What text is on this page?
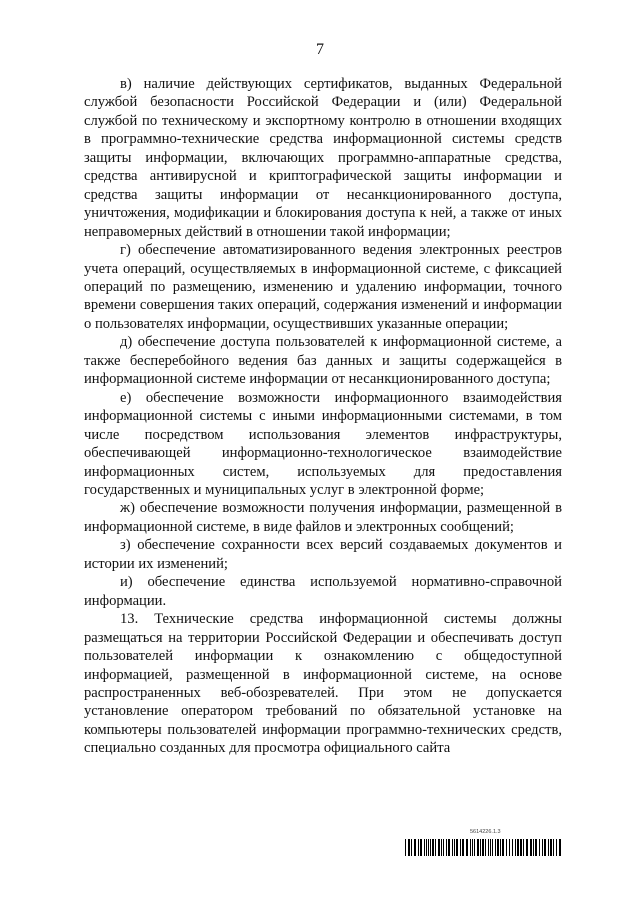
7

в) наличие действующих сертификатов, выданных Федеральной службой безопасности Российской Федерации и (или) Федеральной службой по техническому и экспортному контролю в отношении входящих в программно-технические средства информационной системы средств защиты информации, включающих программно-аппаратные средства, средства антивирусной и криптографической защиты информации и средства защиты информации от несанкционированного доступа, уничтожения, модификации и блокирования доступа к ней, а также от иных неправомерных действий в отношении такой информации;

г) обеспечение автоматизированного ведения электронных реестров учета операций, осуществляемых в информационной системе, с фиксацией операций по размещению, изменению и удалению информации, точного времени совершения таких операций, содержания изменений и информации о пользователях информации, осуществивших указанные операции;

д) обеспечение доступа пользователей к информационной системе, а также бесперебойного ведения баз данных и защиты содержащейся в информационной системе информации от несанкционированного доступа;

е) обеспечение возможности информационного взаимодействия информационной системы с иными информационными системами, в том числе посредством использования элементов инфраструктуры, обеспечивающей информационно-технологическое взаимодействие информационных систем, используемых для предоставления государственных и муниципальных услуг в электронной форме;

ж) обеспечение возможности получения информации, размещенной в информационной системе, в виде файлов и электронных сообщений;

з) обеспечение сохранности всех версий создаваемых документов и истории их изменений;

и) обеспечение единства используемой нормативно-справочной информации.

13. Технические средства информационной системы должны размещаться на территории Российской Федерации и обеспечивать доступ пользователей информации к ознакомлению с общедоступной информацией, размещенной в информационной системе, на основе распространенных веб-обозревателей. При этом не допускается установление оператором требований по обязательной установке на компьютеры пользователей информации программно-технических средств, специально созданных для просмотра официального сайта

5614226.1.3
